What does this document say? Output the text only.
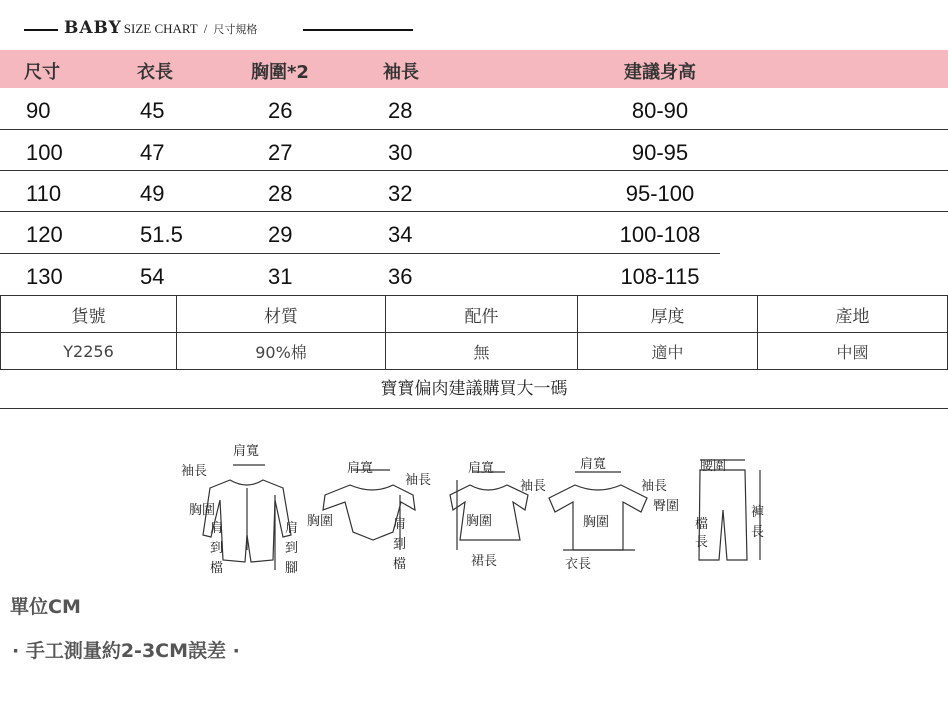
BABY SIZE CHART / 尺寸規格
尺寸	衣長	胸圍*2	袖長	建議身高
90	45	26	28	80-90
100	47	27	30	90-95
110	49	28	32	95-100
120	51.5	29	34	100-108
130	54	31	36	108-115
貨號	材質	配件	厚度	產地
Y2256	90%棉	無	適中	中國
寶寶偏肉建議購買大一碼
肩寬
袖長
胸圍
肩
到
檔
肩
到
腳
肩寬
袖長
胸圍	肩
到
檔
肩寬
袖長
胸圍
裙長
肩寬
袖長
胸圍
衣長
腰圍
臀圍
檔
長
褲
長
單位CM
· 手工測量約2-3CM誤差 ·
